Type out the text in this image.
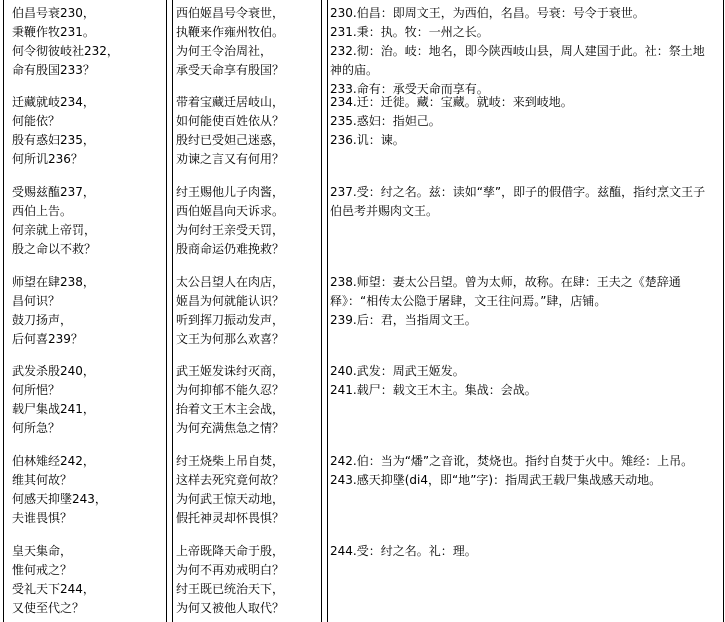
伯昌号衰230，
秉鞭作牧231。
何令彻彼岐社232，
命有殷国233？
西伯姬昌号令衰世，
执鞭来作雍州牧伯。
为何王令治周社，
承受天命享有殷国？
230.伯昌：即周文王，为西伯，名昌。号衰：号令于衰世。
231.秉：执。牧：一州之长。
232.彻：治。岐：地名，即今陕西岐山县，周人建国于此。社：祭土地神的庙。
233.命有：承受天命而享有。
迁藏就岐234，
何能依？
殷有惑妇235，
何所讥236？
带着宝藏迁居岐山，
如何能使百姓依从？
殷纣已受妲己迷惑，
劝谏之言又有何用？
234.迁：迁徙。藏：宝藏。就岐：来到岐地。
235.惑妇：指妲己。
236.讥：谏。
受赐兹醢237，
西伯上告。
何亲就上帝罚，
殷之命以不救？
纣王赐他儿子肉酱，
西伯姬昌向天诉求。
为何纣王亲受天罚，
殷商命运仍难挽救？
237.受：纣之名。兹：读如“孳”，即子的假借字。兹醢，指纣烹文王子伯邑考并赐肉文王。
师望在肆238，
昌何识？
鼓刀扬声，
后何喜239？
太公吕望人在肉店，
姬昌为何就能认识？
听到挥刀振动发声，
文王为何那么欢喜？
238.师望：妻太公吕望。曾为太师，故称。在肆：王夫之《楚辞通释》：“相传太公隐于屠肆，文王往问焉。”肆，店铺。
239.后：君，当指周文王。
武发杀殷240，
何所悒？
载尸集战241，
何所急？
武王姬发诛纣灭商，
为何抑郁不能久忍？
抬着文王木主会战，
为何充满焦急之情？
240.武发：周武王姬发。
241.载尸：载文王木主。集战：会战。
伯林雉经242，
维其何故？
何感天抑墬243，
夫谁畏惧？
纣王烧柴上吊自焚，
这样去死究竟何故？
为何武王惊天动地，
假托神灵却怀畏惧？
242.伯：当为“燔”之音讹，焚烧也。指纣自焚于火中。雉经：上吊。
243.感天抑墬(di4，即“地”字)：指周武王载尸集战感天动地。
皇天集命，
惟何戒之？
受礼天下244，
又使至代之？
上帝既降天命于殷，
为何不再劝戒明白？
纣王既已统治天下，
为何又被他人取代？
244.受：纣之名。礼：理。
